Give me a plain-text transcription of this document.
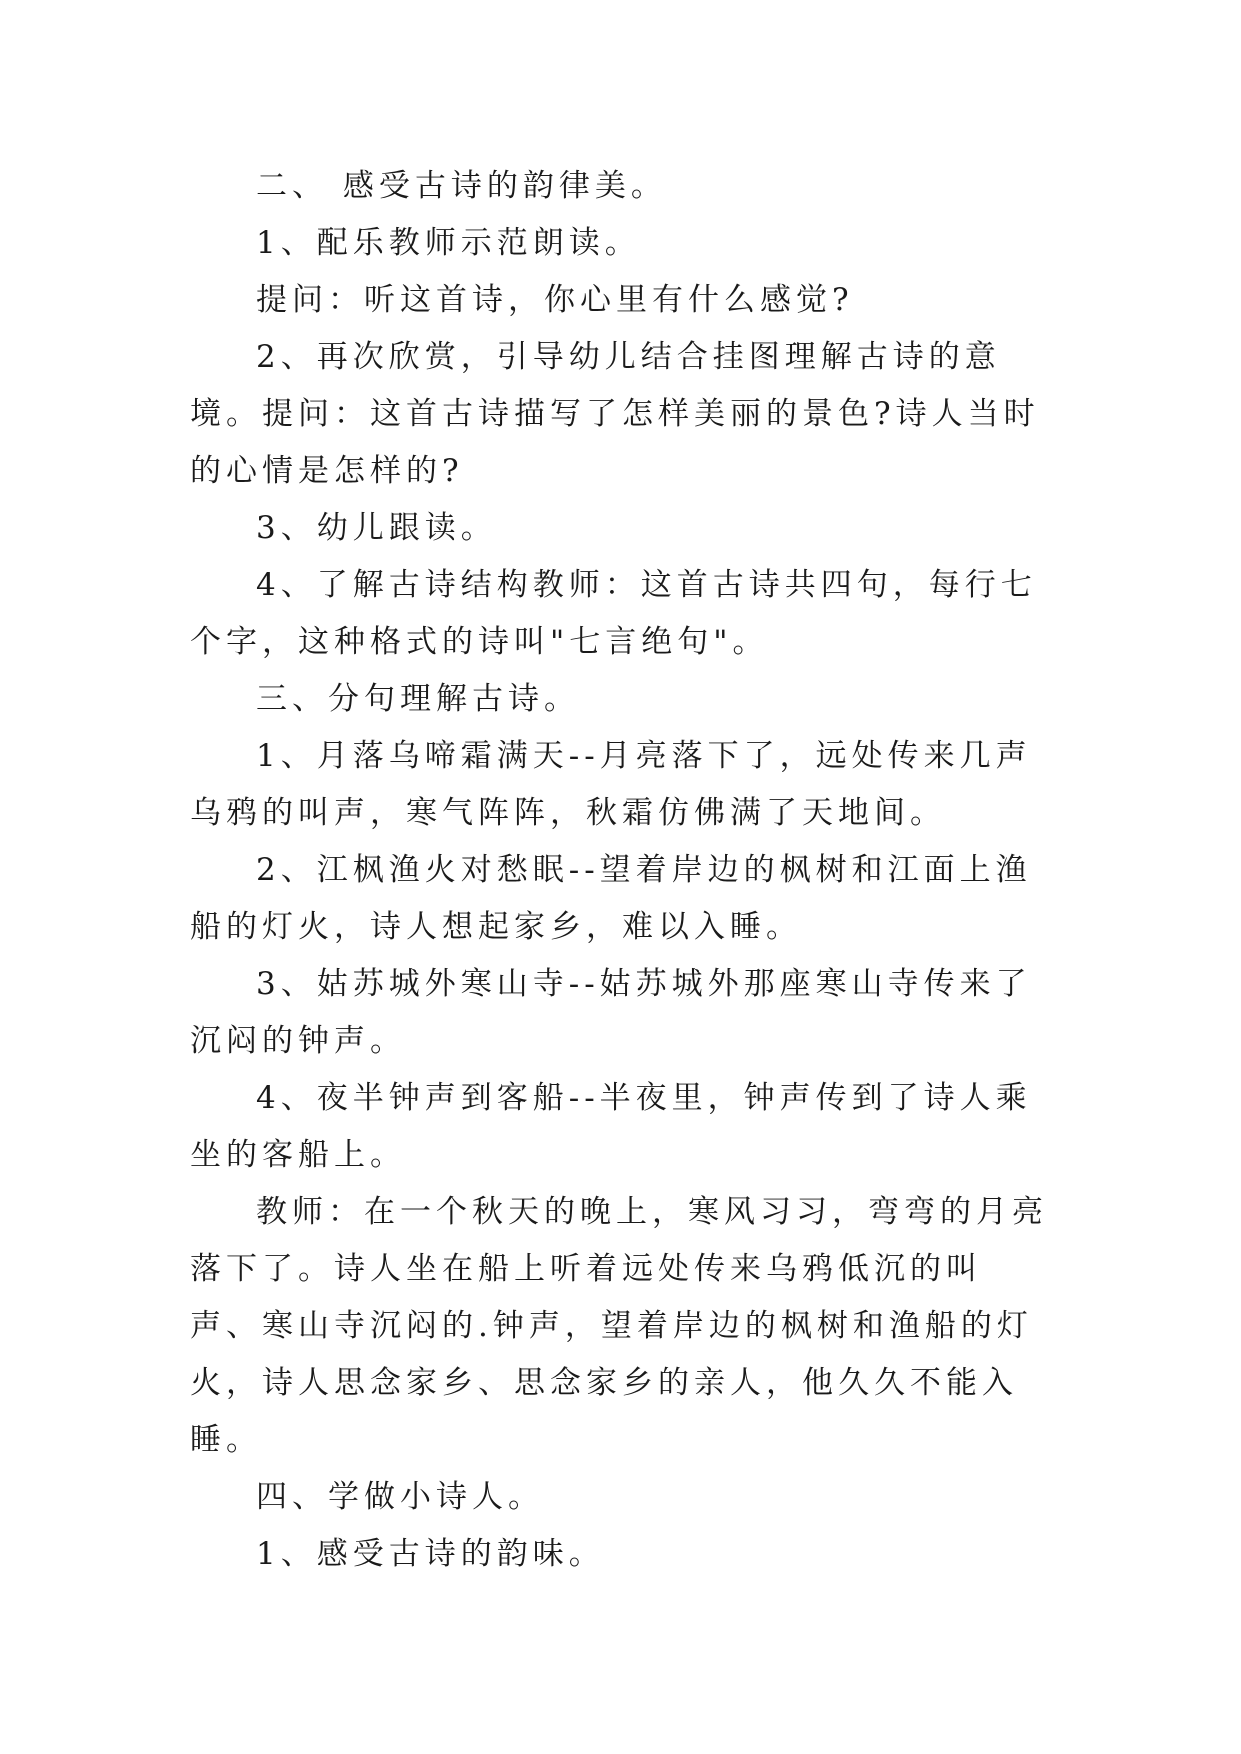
二、 感受古诗的韵律美。

1、配乐教师示范朗读。

提问：听这首诗，你心里有什么感觉?

2、再次欣赏，引导幼儿结合挂图理解古诗的意境。提问：这首古诗描写了怎样美丽的景色?诗人当时的心情是怎样的?

3、幼儿跟读。

4、了解古诗结构教师：这首古诗共四句，每行七个字，这种格式的诗叫"七言绝句"。

三、分句理解古诗。

1、月落乌啼霜满天--月亮落下了，远处传来几声乌鸦的叫声，寒气阵阵，秋霜仿佛满了天地间。

2、江枫渔火对愁眠--望着岸边的枫树和江面上渔船的灯火，诗人想起家乡，难以入睡。

3、姑苏城外寒山寺--姑苏城外那座寒山寺传来了沉闷的钟声。

4、夜半钟声到客船--半夜里，钟声传到了诗人乘坐的客船上。

教师：在一个秋天的晚上，寒风习习，弯弯的月亮落下了。诗人坐在船上听着远处传来乌鸦低沉的叫声、寒山寺沉闷的.钟声，望着岸边的枫树和渔船的灯火，诗人思念家乡、思念家乡的亲人，他久久不能入睡。

四、学做小诗人。

1、感受古诗的韵味。
